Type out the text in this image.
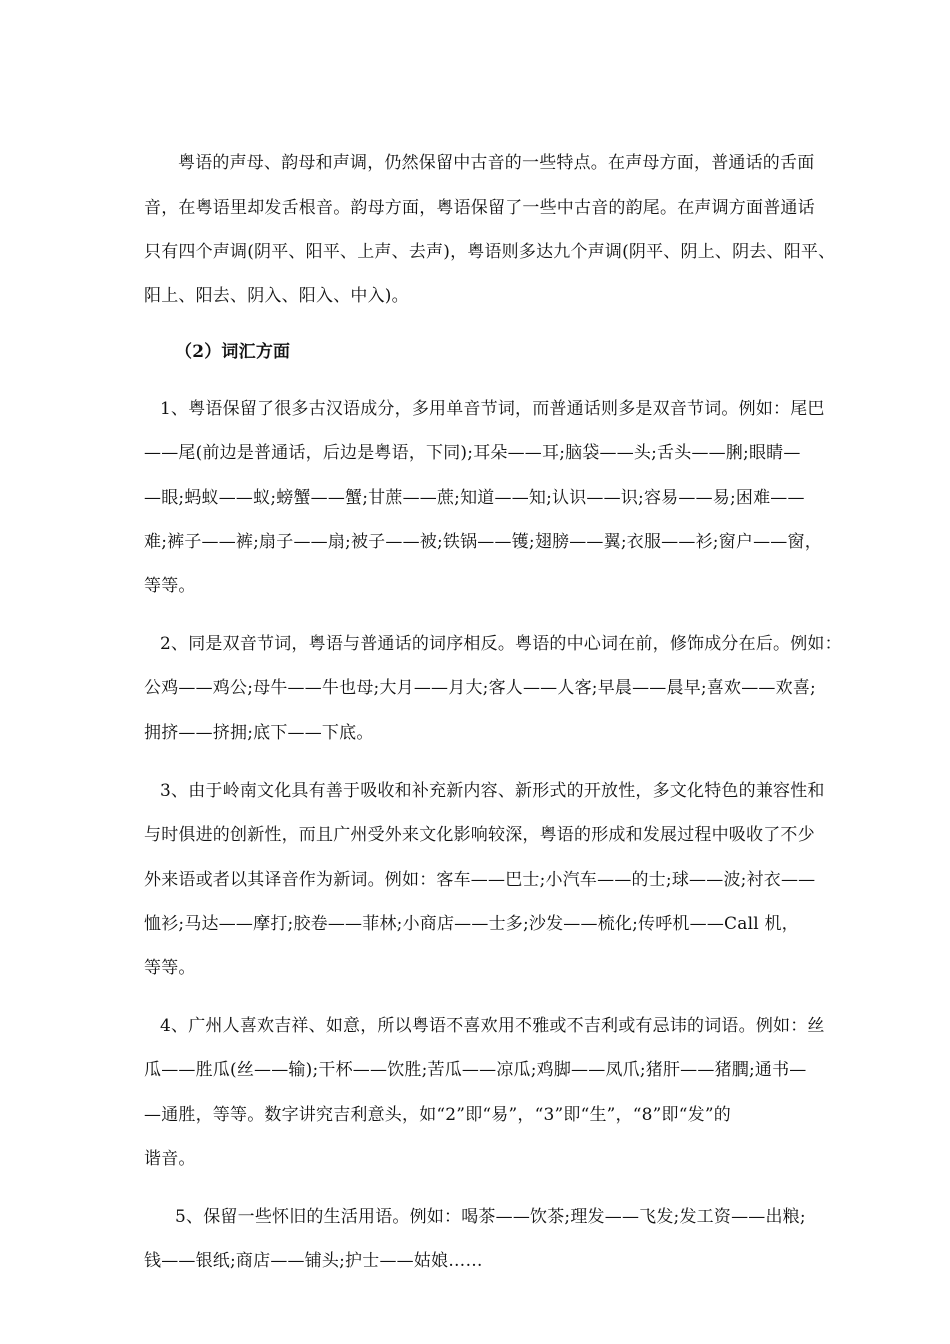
粤语的声母、韵母和声调，仍然保留中古音的一些特点。在声母方面，普通话的舌面
音，在粤语里却发舌根音。韵母方面，粤语保留了一些中古音的韵尾。在声调方面普通话
只有四个声调(阴平、阳平、上声、去声)，粤语则多达九个声调(阴平、阴上、阴去、阳平、
阳上、阳去、阴入、阳入、中入)。
（2）词汇方面
1、粤语保留了很多古汉语成分，多用单音节词，而普通话则多是双音节词。例如：尾巴
——尾(前边是普通话，后边是粤语，下同);耳朵——耳;脑袋——头;舌头——脷;眼睛—
—眼;蚂蚁——蚁;螃蟹——蟹;甘蔗——蔗;知道——知;认识——识;容易——易;困难——
难;裤子——裤;扇子——扇;被子——被;铁锅——镬;翅膀——翼;衣服——衫;窗户——窗，
等等。
2、同是双音节词，粤语与普通话的词序相反。粤语的中心词在前，修饰成分在后。例如：
公鸡——鸡公;母牛——牛也母;大月——月大;客人——人客;早晨——晨早;喜欢——欢喜;
拥挤——挤拥;底下——下底。
3、由于岭南文化具有善于吸收和补充新内容、新形式的开放性，多文化特色的兼容性和
与时俱进的创新性，而且广州受外来文化影响较深，粤语的形成和发展过程中吸收了不少
外来语或者以其译音作为新词。例如：客车——巴士;小汽车——的士;球——波;衬衣——
恤衫;马达——摩打;胶卷——菲林;小商店——士多;沙发——梳化;传呼机——Call 机，
等等。
4、广州人喜欢吉祥、如意，所以粤语不喜欢用不雅或不吉利或有忌讳的词语。例如：丝
瓜——胜瓜(丝——输);干杯——饮胜;苦瓜——凉瓜;鸡脚——凤爪;猪肝——猪膶;通书—
—通胜，等等。数字讲究吉利意头，如“2”即“易”，“3”即“生”，“8”即“发”的
谐音。
5、保留一些怀旧的生活用语。例如：喝茶——饮茶;理发——飞发;发工资——出粮;
钱——银纸;商店——铺头;护士——姑娘……
